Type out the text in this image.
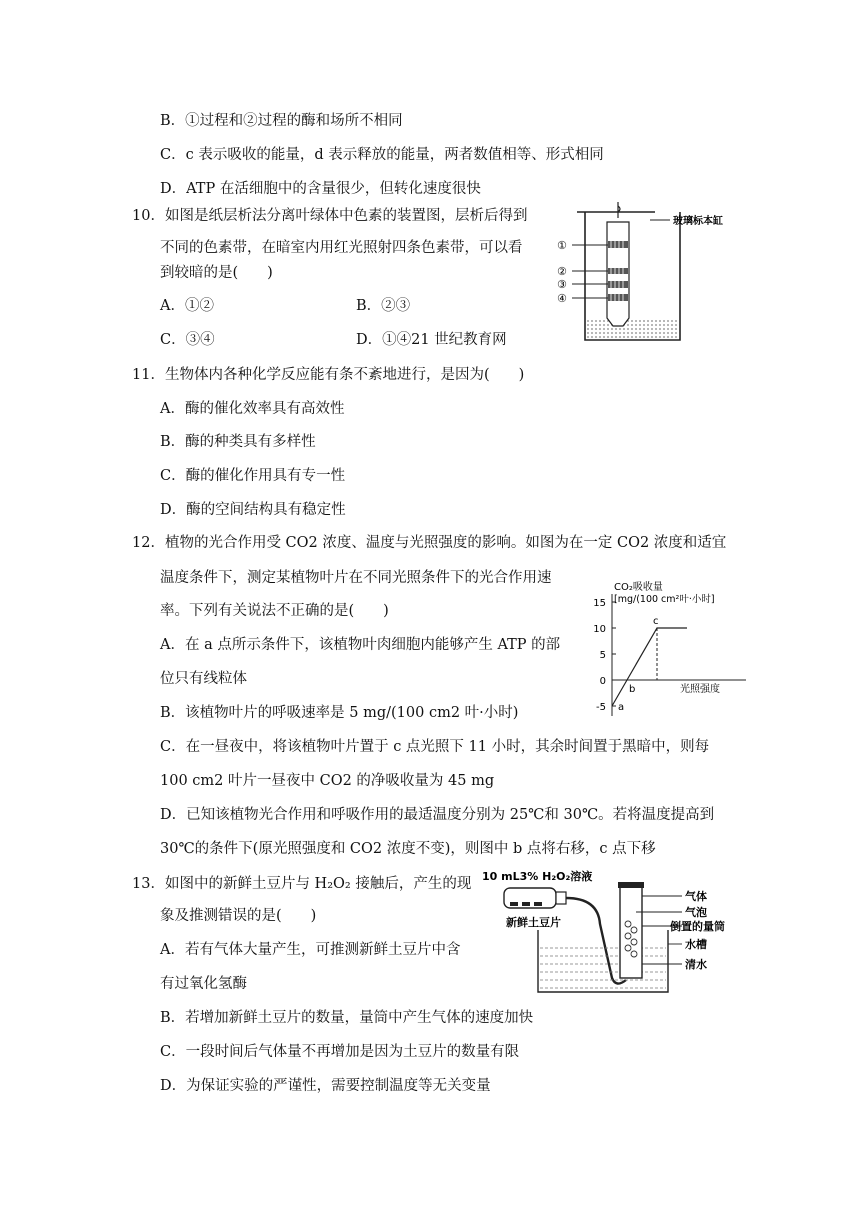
B．①过程和②过程的酶和场所不相同
C．c 表示吸收的能量，d 表示释放的能量，两者数值相等、形式相同
D．ATP 在活细胞中的含量很少，但转化速度很快
10．如图是纸层析法分离叶绿体中色素的装置图，层析后得到
不同的色素带，在暗室内用红光照射四条色素带，可以看
到较暗的是(　　)
A．①②	B．②③
C．③④	D．①④21 世纪教育网
玻璃标本缸
①
②
③
④
11．生物体内各种化学反应能有条不紊地进行，是因为(　　)
A．酶的催化效率具有高效性
B．酶的种类具有多样性
C．酶的催化作用具有专一性
D．酶的空间结构具有稳定性
12．植物的光合作用受 CO2 浓度、温度与光照强度的影响。如图为在一定 CO2 浓度和适宜
温度条件下，测定某植物叶片在不同光照条件下的光合作用速
率。下列有关说法不正确的是(　　)
A．在 a 点所示条件下，该植物叶肉细胞内能够产生 ATP 的部
位只有线粒体
B．该植物叶片的呼吸速率是 5 mg/(100 cm2 叶·小时)
C．在一昼夜中，将该植物叶片置于 c 点光照下 11 小时，其余时间置于黑暗中，则每
100 cm2 叶片一昼夜中 CO2 的净吸收量为 45 mg
D．已知该植物光合作用和呼吸作用的最适温度分别为 25℃和 30℃。若将温度提高到
30℃的条件下(原光照强度和 CO2 浓度不变)，则图中 b 点将右移，c 点下移
CO₂吸收量
[mg/(100 cm²叶·小时]
光照强度
15
10
5
0
-5 a
b
c
13．如图中的新鲜土豆片与 H₂O₂ 接触后，产生的现
象及推测错误的是(　　)
A．若有气体大量产生，可推测新鲜土豆片中含
有过氧化氢酶
B．若增加新鲜土豆片的数量，量筒中产生气体的速度加快
C．一段时间后气体量不再增加是因为土豆片的数量有限
D．为保证实验的严谨性，需要控制温度等无关变量
10 mL3% H₂O₂溶液
新鲜土豆片
气体
气泡
倒置的量筒
水槽
清水
